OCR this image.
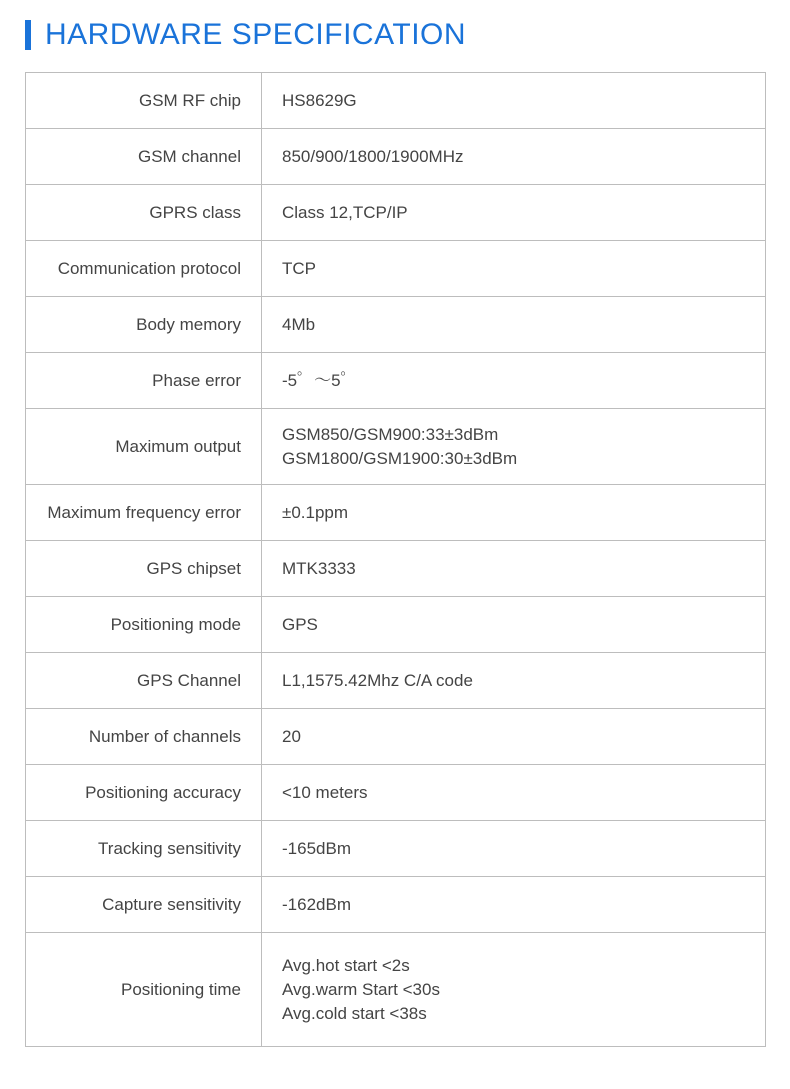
HARDWARE SPECIFICATION
GSM RF chip	HS8629G

GSM channel	850/900/1800/1900MHz

GPRS class	Class 12,TCP/IP

Communication protocol	TCP

Body memory	4Mb

Phase error	-5゜～5゜

Maximum output	GSM850/GSM900:33±3dBm
GSM1800/GSM1900:30±3dBm

Maximum frequency error	±0.1ppm

GPS chipset	MTK3333

Positioning mode	GPS

GPS Channel	L1,1575.42Mhz C/A code

Number of channels	20

Positioning accuracy	<10 meters

Tracking sensitivity	-165dBm

Capture sensitivity	-162dBm

Positioning time	Avg.hot start <2s
Avg.warm Start <30s
Avg.cold start <38s
